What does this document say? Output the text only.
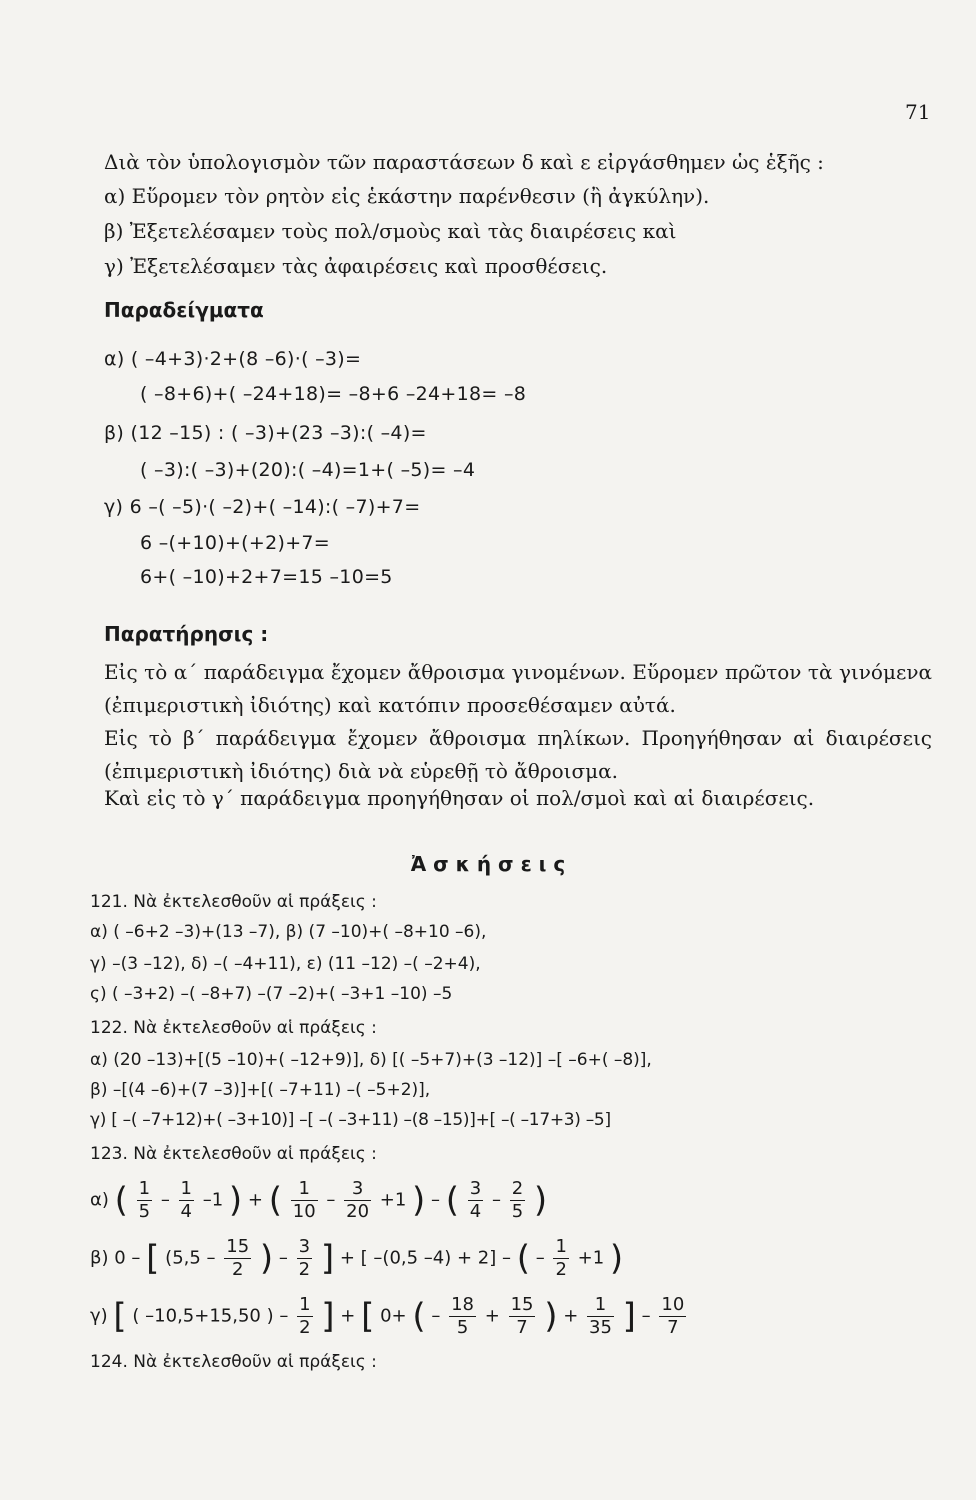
71
Διὰ τὸν ὑπολογισμὸν τῶν παραστάσεων δ καὶ ε εἰργάσθημεν ὡς ἑξῆς :
α) Εὕρομεν τὸν ρητὸν εἰς ἑκάστην παρένθεσιν (ἢ ἀγκύλην).
β) Ἐξετελέσαμεν τοὺς πολ/σμοὺς καὶ τὰς διαιρέσεις καὶ
γ) Ἐξετελέσαμεν τὰς ἀφαιρέσεις καὶ προσθέσεις.
Παραδείγματα
α) ( –4+3)·2+(8 –6)·( –3)=
( –8+6)+( –24+18)= –8+6 –24+18= –8
β) (12 –15) : ( –3)+(23 –3):( –4)=
( –3):( –3)+(20):( –4)=1+( –5)= –4
γ) 6 –( –5)·( –2)+( –14):( –7)+7=
6 –(+10)+(+2)+7=
6+( –10)+2+7=15 –10=5
Παρατήρησις :
Εἰς τὸ α΄ παράδειγμα ἔχομεν ἄθροισμα γινομένων. Εὕρομεν πρῶτον τὰ γινόμενα (ἐπιμεριστικὴ ἰδιότης) καὶ κατόπιν προσεθέσαμεν αὐτά.
Εἰς τὸ β΄ παράδειγμα ἔχομεν ἄθροισμα πηλίκων. Προηγήθησαν αἱ διαιρέσεις (ἐπιμεριστικὴ ἰδιότης) διὰ νὰ εὑρεθῇ τὸ ἄθροισμα.
Καὶ εἰς τὸ γ΄ παράδειγμα προηγήθησαν οἱ πολ/σμοὶ καὶ αἱ διαιρέσεις.
Ἀ σ κ ή σ ε ι ς
121. Νὰ ἐκτελεσθοῦν αἱ πράξεις :
α) ( –6+2 –3)+(13 –7), β) (7 –10)+( –8+10 –6),
γ) –(3 –12), δ) –( –4+11), ε) (11 –12) –( –2+4),
ς) ( –3+2) –( –8+7) –(7 –2)+( –3+1 –10) –5
122. Νὰ ἐκτελεσθοῦν αἱ πράξεις :
α) (20 –13)+[(5 –10)+( –12+9)], δ) [( –5+7)+(3 –12)] –[ –6+( –8)],
β) –[(4 –6)+(7 –3)]+[( –7+11) –( –5+2)],
γ) [ –( –7+12)+( –3+10)] –[ –( –3+11) –(8 –15)]+[ –( –17+3) –5]
123. Νὰ ἐκτελεσθοῦν αἱ πράξεις :
α) ( $\frac{1}{5} - \frac{1}{4} -1$ ) + ( $\frac{1}{10} - \frac{3}{20} +1$ ) – ( $\frac{3}{4} - \frac{2}{5}$ )
β) 0 – [ ($5,5 - \frac{15}{2}$ ) – $\frac{3}{2}$ ] + [ –(0,5 –4) + 2] – ( – $\frac{1}{2} +1$ )
γ) [ ( –10,5+15,50 ) – $\frac{1}{2}$ ] + [ 0+ ( – $\frac{18}{5} + \frac{15}{7}$ ) + $\frac{1}{35}$ ] – $\frac{10}{7}$
124. Νὰ ἐκτελεσθοῦν αἱ πράξεις :
